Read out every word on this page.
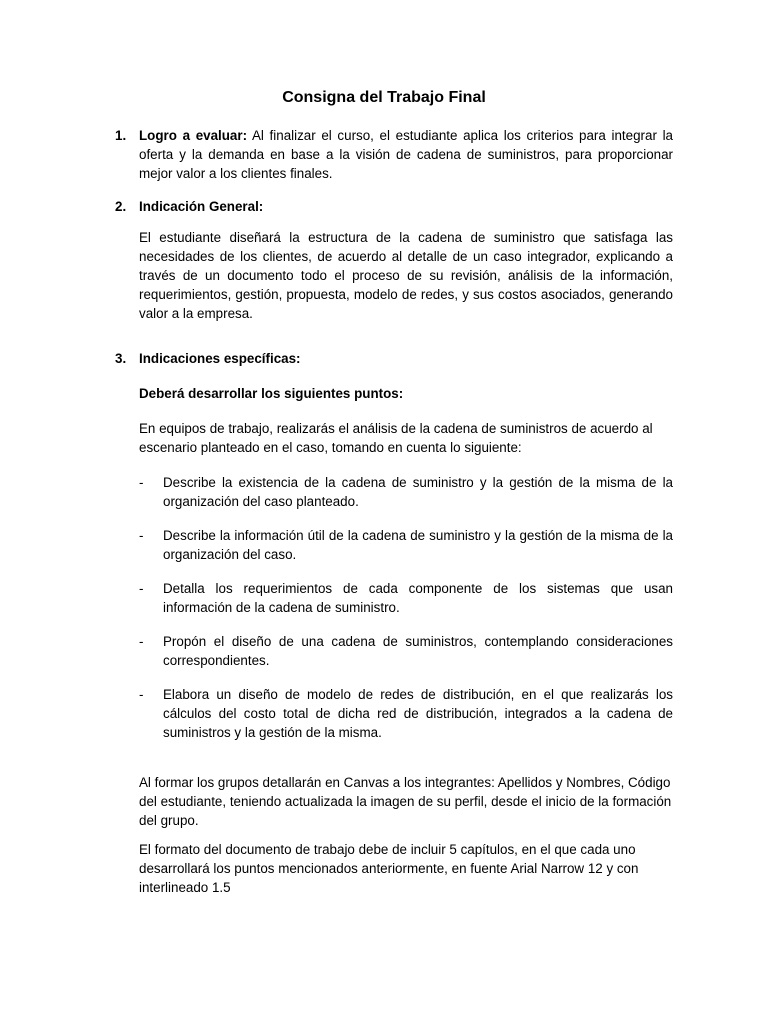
Consigna del Trabajo Final
1. Logro a evaluar: Al finalizar el curso, el estudiante aplica los criterios para integrar la oferta y la demanda en base a la visión de cadena de suministros, para proporcionar mejor valor a los clientes finales.
2. Indicación General:
El estudiante diseñará la estructura de la cadena de suministro que satisfaga las necesidades de los clientes, de acuerdo al detalle de un caso integrador, explicando a través de un documento todo el proceso de su revisión, análisis de la información, requerimientos, gestión, propuesta, modelo de redes, y sus costos asociados, generando valor a la empresa.
3. Indicaciones específicas:
Deberá desarrollar los siguientes puntos:
En equipos de trabajo, realizarás el análisis de la cadena de suministros de acuerdo al escenario planteado en el caso, tomando en cuenta lo siguiente:
- Describe la existencia de la cadena de suministro y la gestión de la misma de la organización del caso planteado.
- Describe la información útil de la cadena de suministro y la gestión de la misma de la organización del caso.
- Detalla los requerimientos de cada componente de los sistemas que usan información de la cadena de suministro.
- Propón el diseño de una cadena de suministros, contemplando consideraciones correspondientes.
- Elabora un diseño de modelo de redes de distribución, en el que realizarás los cálculos del costo total de dicha red de distribución, integrados a la cadena de suministros y la gestión de la misma.
Al formar los grupos detallarán en Canvas a los integrantes: Apellidos y Nombres, Código del estudiante, teniendo actualizada la imagen de su perfil, desde el inicio de la formación del grupo.
El formato del documento de trabajo debe de incluir 5 capítulos, en el que cada uno desarrollará los puntos mencionados anteriormente, en fuente Arial Narrow 12 y con interlineado 1.5
